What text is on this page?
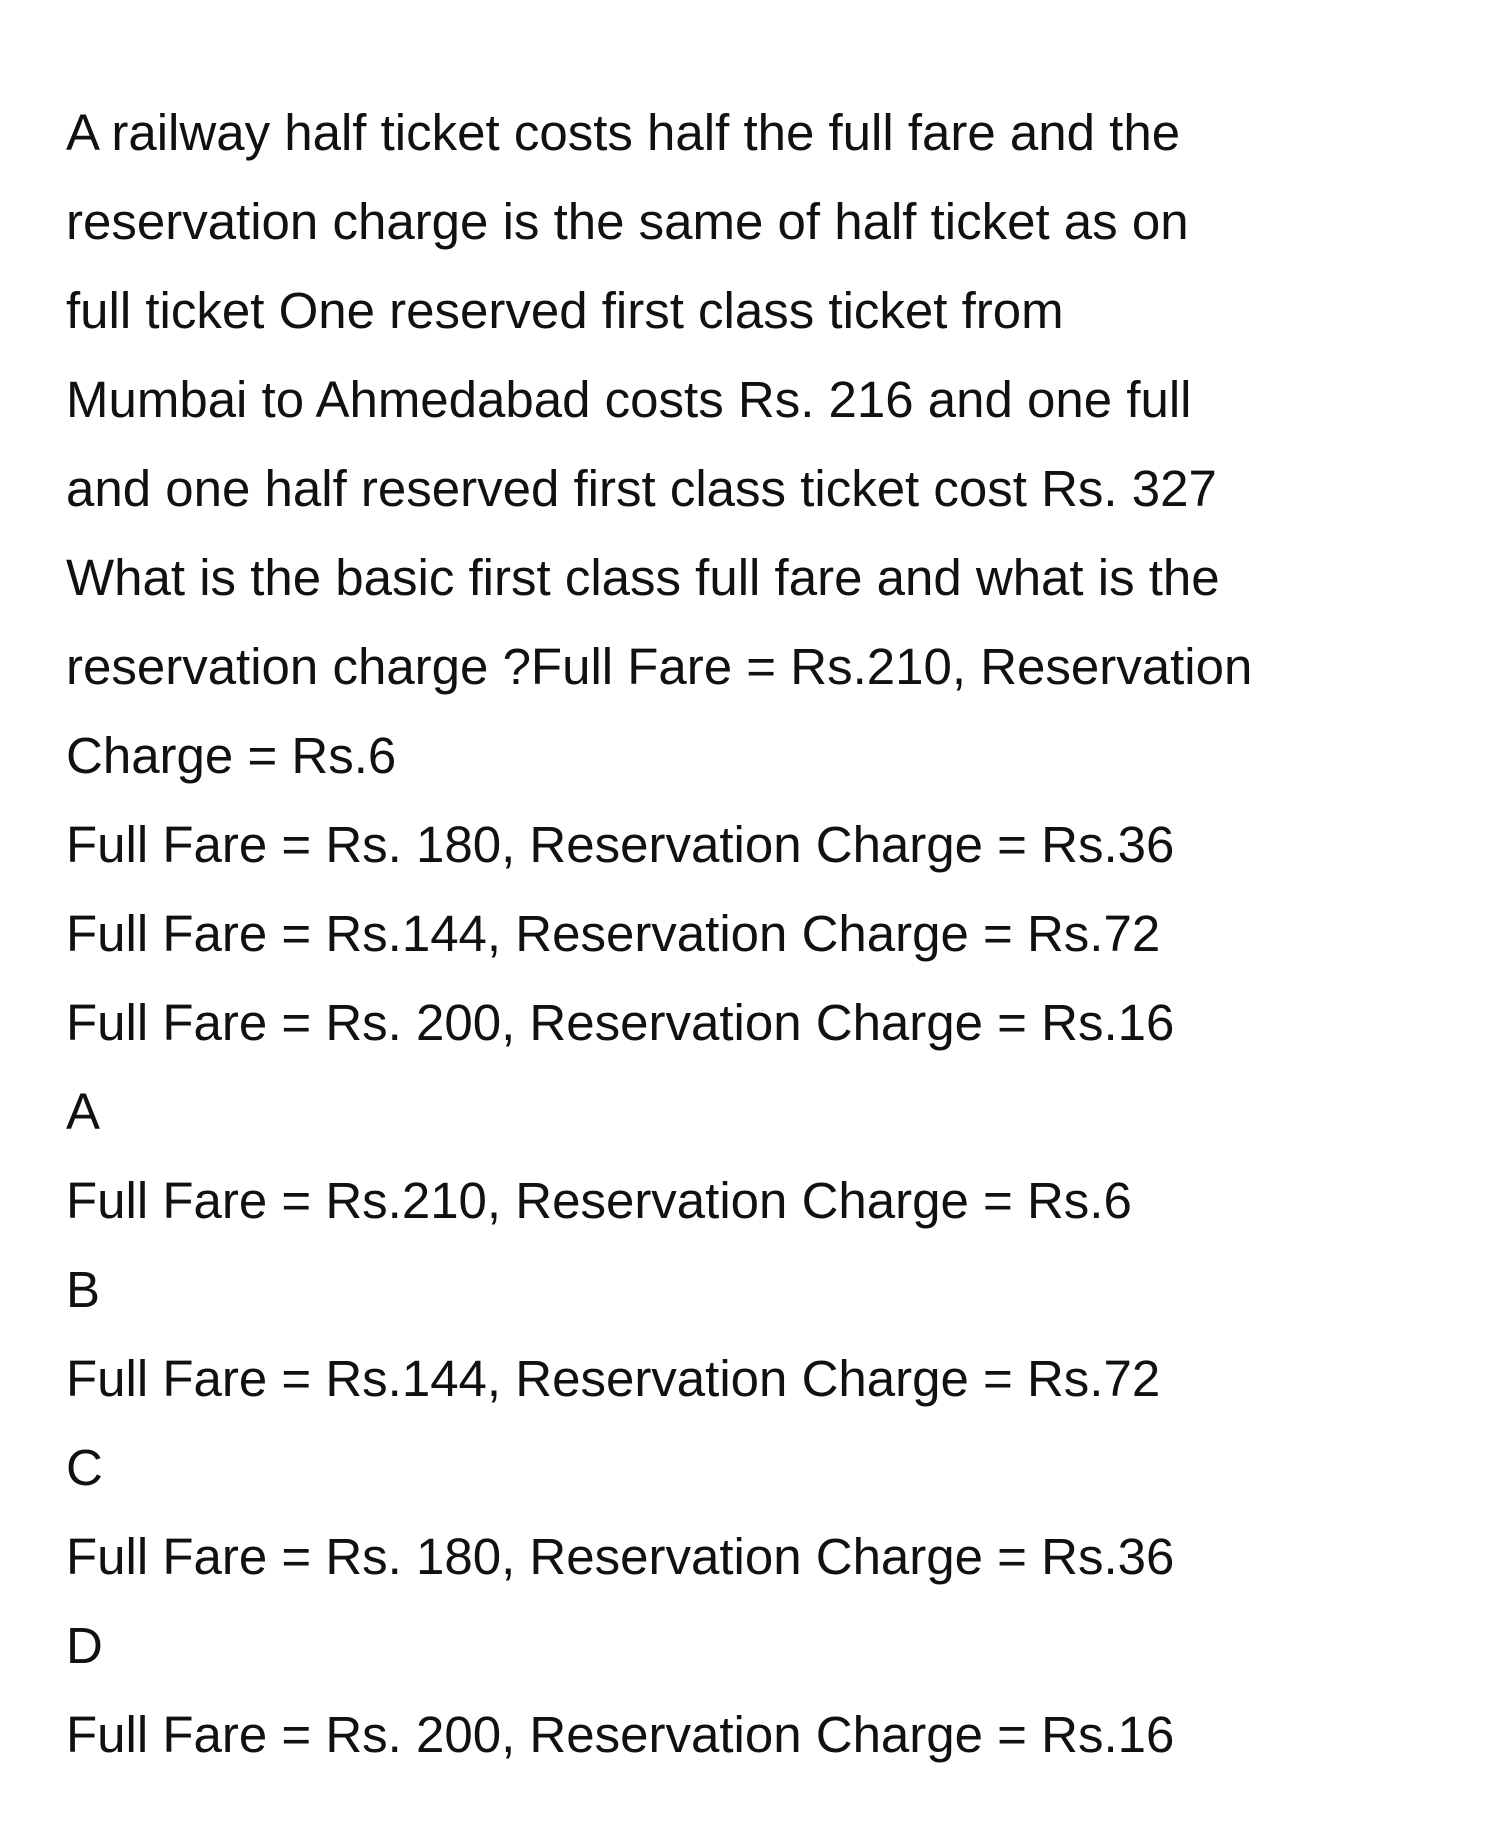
A railway half ticket costs half the full fare and the

reservation charge is the same of half ticket as on

full ticket One reserved first class ticket from

Mumbai to Ahmedabad costs Rs. 216 and one full

and one half reserved first class ticket cost Rs. 327

What is the basic first class full fare and what is the

reservation charge ?Full Fare = Rs.210, Reservation

Charge = Rs.6

Full Fare = Rs. 180, Reservation Charge = Rs.36

Full Fare = Rs.144, Reservation Charge = Rs.72

Full Fare = Rs. 200, Reservation Charge = Rs.16

A

Full Fare = Rs.210, Reservation Charge = Rs.6

B

Full Fare = Rs.144, Reservation Charge = Rs.72

C

Full Fare = Rs. 180, Reservation Charge = Rs.36

D

Full Fare = Rs. 200, Reservation Charge = Rs.16
